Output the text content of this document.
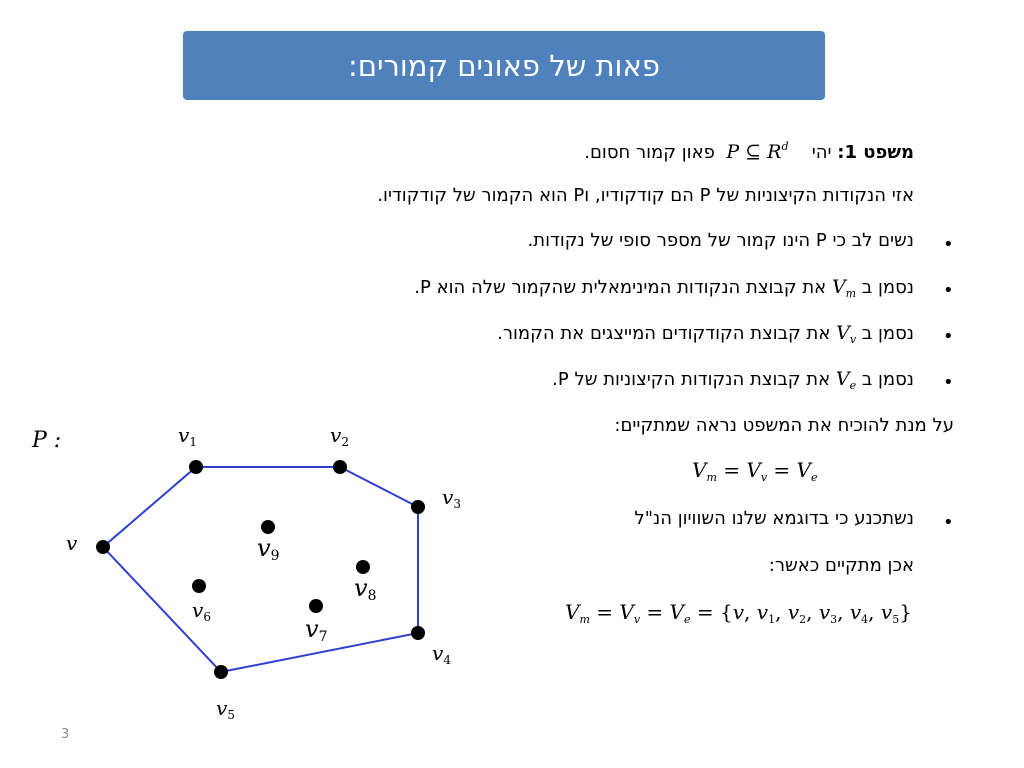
פאות של פאונים קמורים:
משפט 1: יהי   P ⊆ $R^d$   פאון קמור חסום.
אזי הנקודות הקיצוניות של P הם קודקודיו, וP הוא הקמור של קודקודיו.
•
נשים לב כי P הינו קמור של מספר סופי של נקודות.
•
נסמן ב $V_m$ את קבוצת הנקודות המינימאלית שהקמור שלה הוא P.
•
נסמן ב $V_v$ את קבוצת הקודקודים המייצגים את הקמור.
•
נסמן ב $V_e$ את קבוצת הנקודות הקיצוניות של P.
על מנת להוכיח את המשפט נראה שמתקיים:
$V_m = V_v = V_e$
•
נשתכנע כי בדוגמא שלנו השוויון הנ"ל
אכן מתקיים כאשר:
$V_m = V_v = V_e = \{v$, $v_1$, $v_2$, $v_3$, $v_4$, $v_5$}
P :
v
$v_1$	$v_2$
$v_3$
$v_4$
$v_5$
$v_6$	v7
v8
v9
3
